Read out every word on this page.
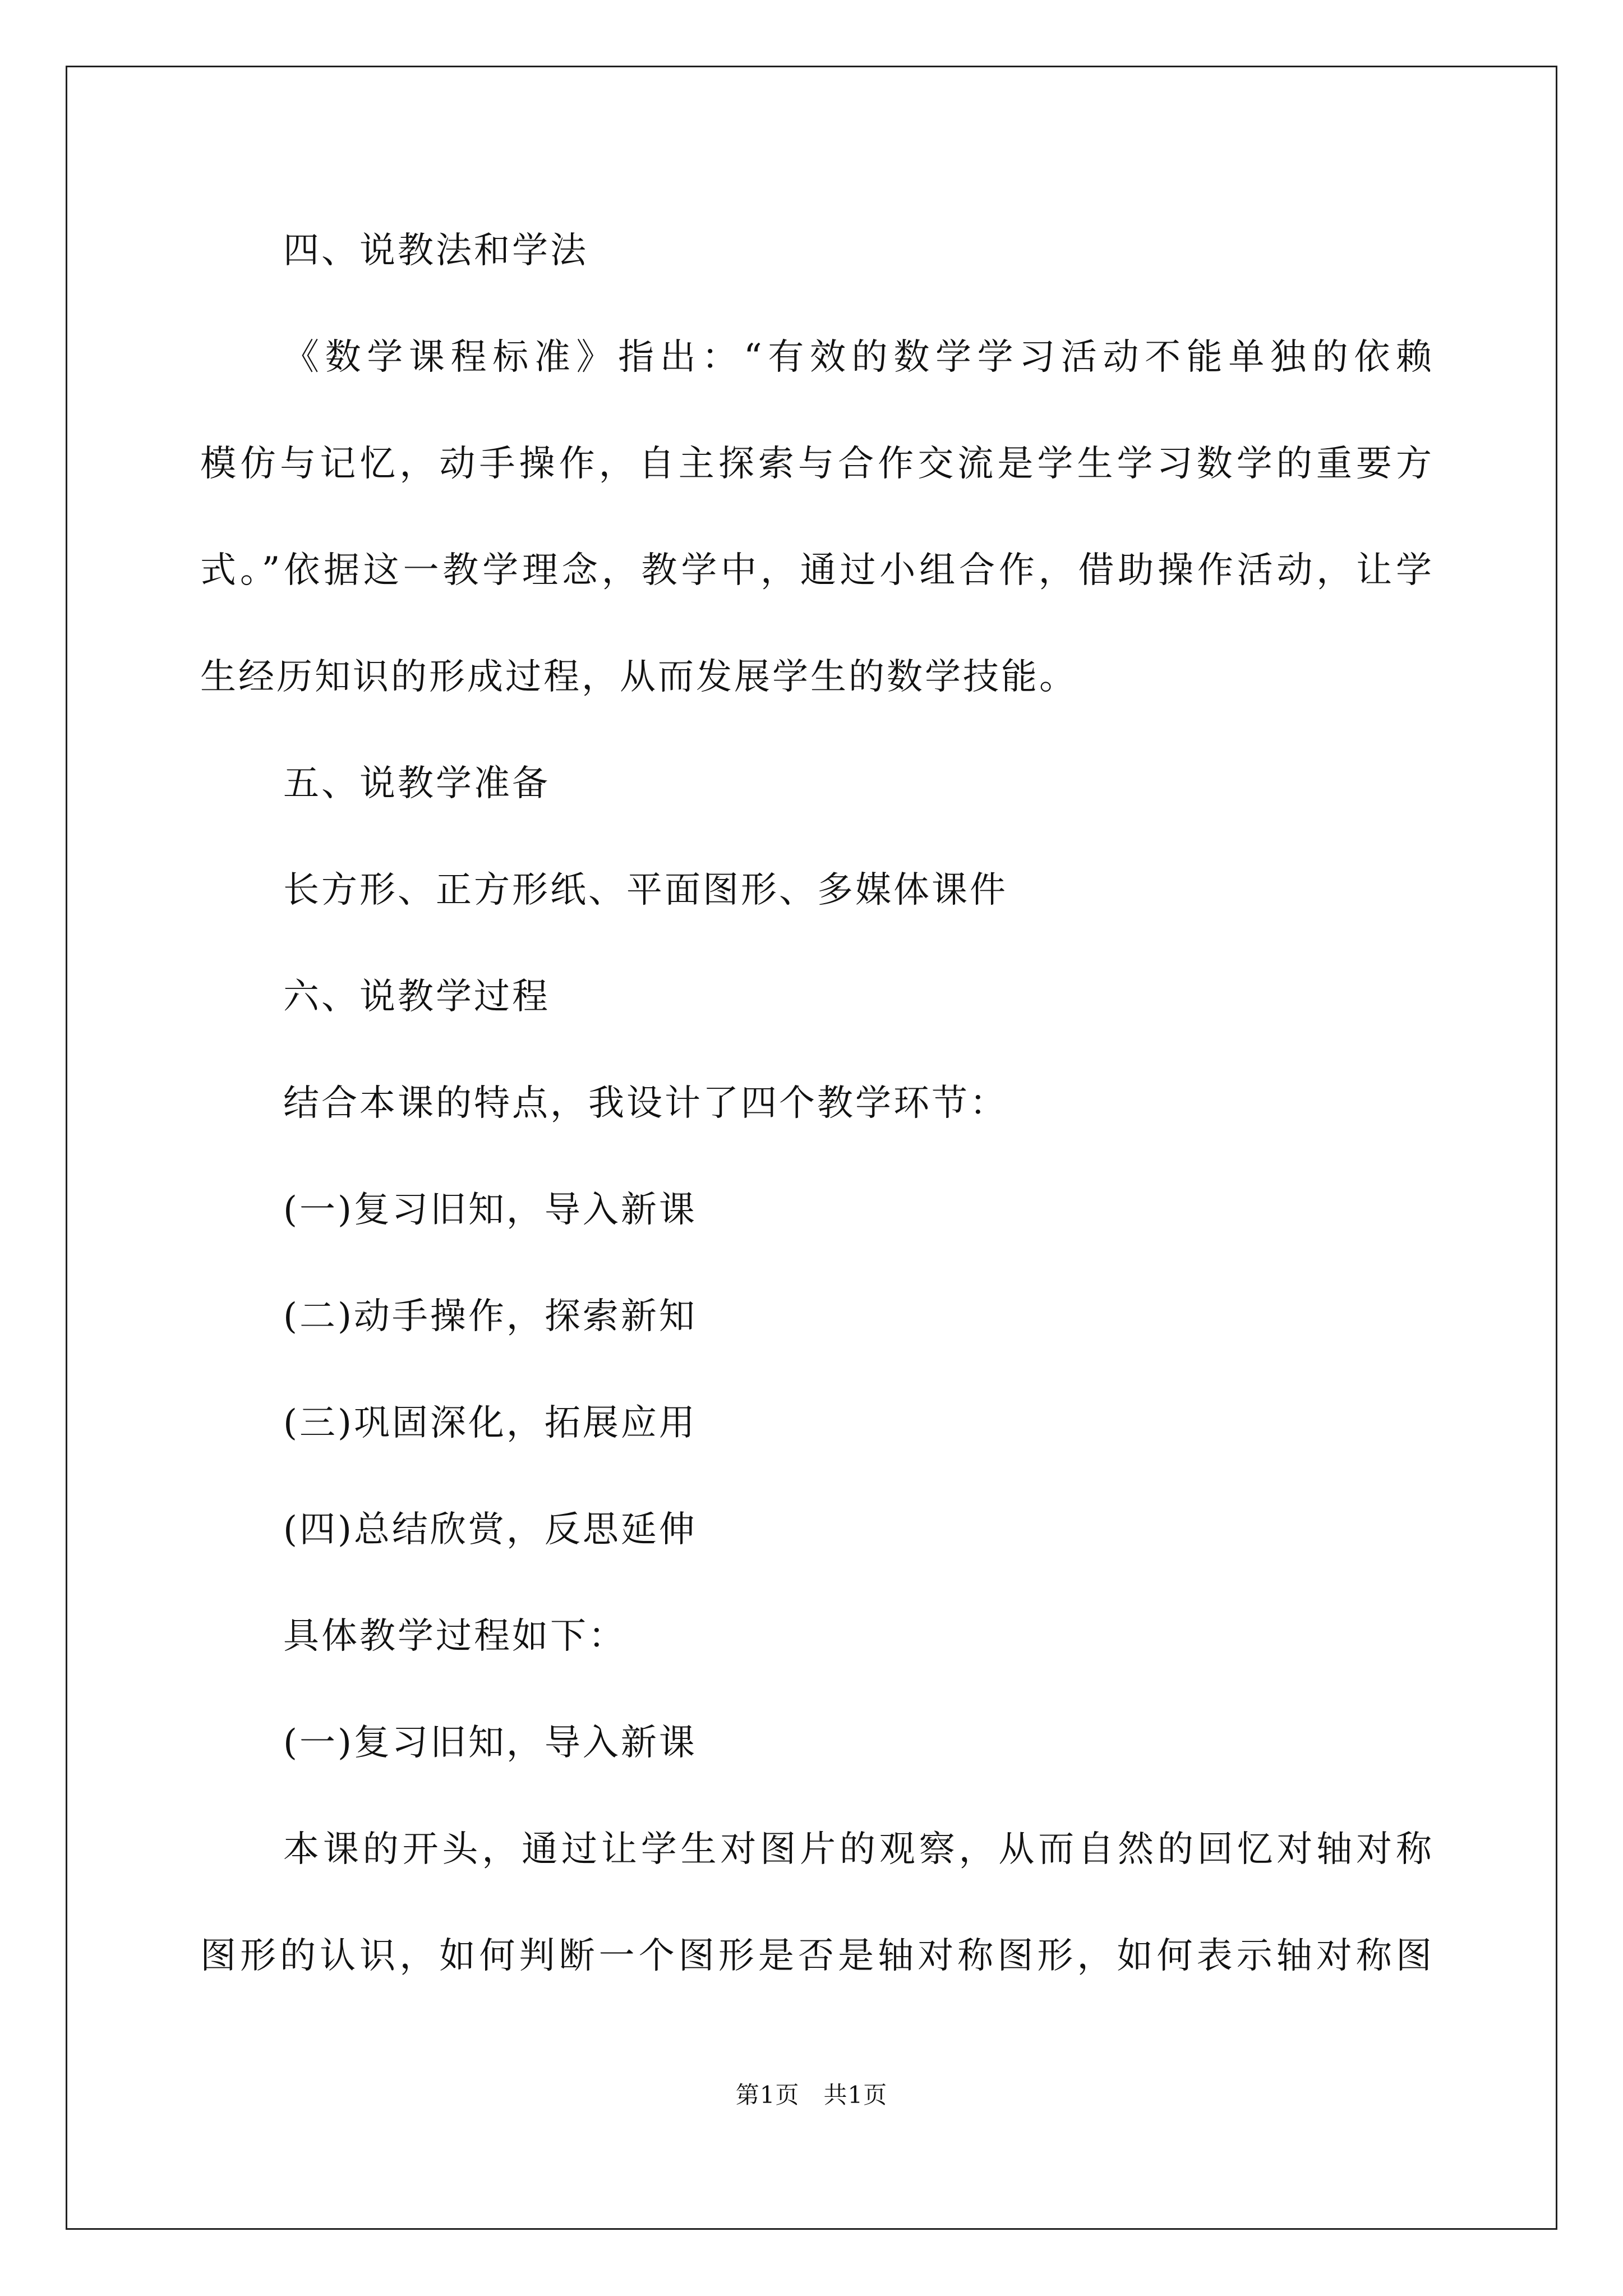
四、说教法和学法
《数学课程标准》指出：“有效的数学学习活动不能单独的依赖
模仿与记忆，动手操作，自主探索与合作交流是学生学习数学的重要方
式。”依据这一教学理念，教学中，通过小组合作，借助操作活动，让学
生经历知识的形成过程，从而发展学生的数学技能。
五、说教学准备
长方形、正方形纸、平面图形、多媒体课件
六、说教学过程
结合本课的特点，我设计了四个教学环节：
(一)复习旧知，导入新课
(二)动手操作，探索新知
(三)巩固深化，拓展应用
(四)总结欣赏，反思延伸
具体教学过程如下：
(一)复习旧知，导入新课
本课的开头，通过让学生对图片的观察，从而自然的回忆对轴对称
图形的认识，如何判断一个图形是否是轴对称图形，如何表示轴对称图
第1页　共1页
